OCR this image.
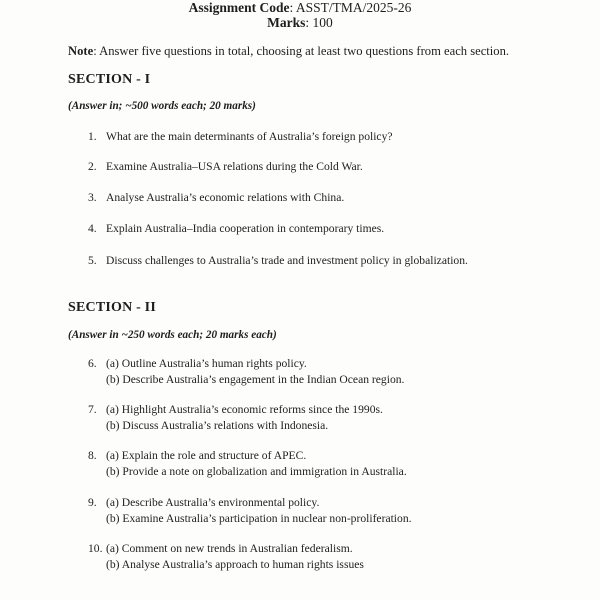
Assignment Code: ASST/TMA/2025-26
Marks: 100
Note: Answer five questions in total, choosing at least two questions from each section.
SECTION - I
(Answer in; ~500 words each; 20 marks)
1. What are the main determinants of Australia’s foreign policy?
2. Examine Australia–USA relations during the Cold War.
3. Analyse Australia’s economic relations with China.
4. Explain Australia–India cooperation in contemporary times.
5. Discuss challenges to Australia’s trade and investment policy in globalization.
SECTION - II
(Answer in ~250 words each; 20 marks each)
6. (a) Outline Australia’s human rights policy.
(b) Describe Australia’s engagement in the Indian Ocean region.
7. (a) Highlight Australia’s economic reforms since the 1990s.
(b) Discuss Australia’s relations with Indonesia.
8. (a) Explain the role and structure of APEC.
(b) Provide a note on globalization and immigration in Australia.
9. (a) Describe Australia’s environmental policy.
(b) Examine Australia’s participation in nuclear non-proliferation.
10. (a) Comment on new trends in Australian federalism.
(b) Analyse Australia’s approach to human rights issues
